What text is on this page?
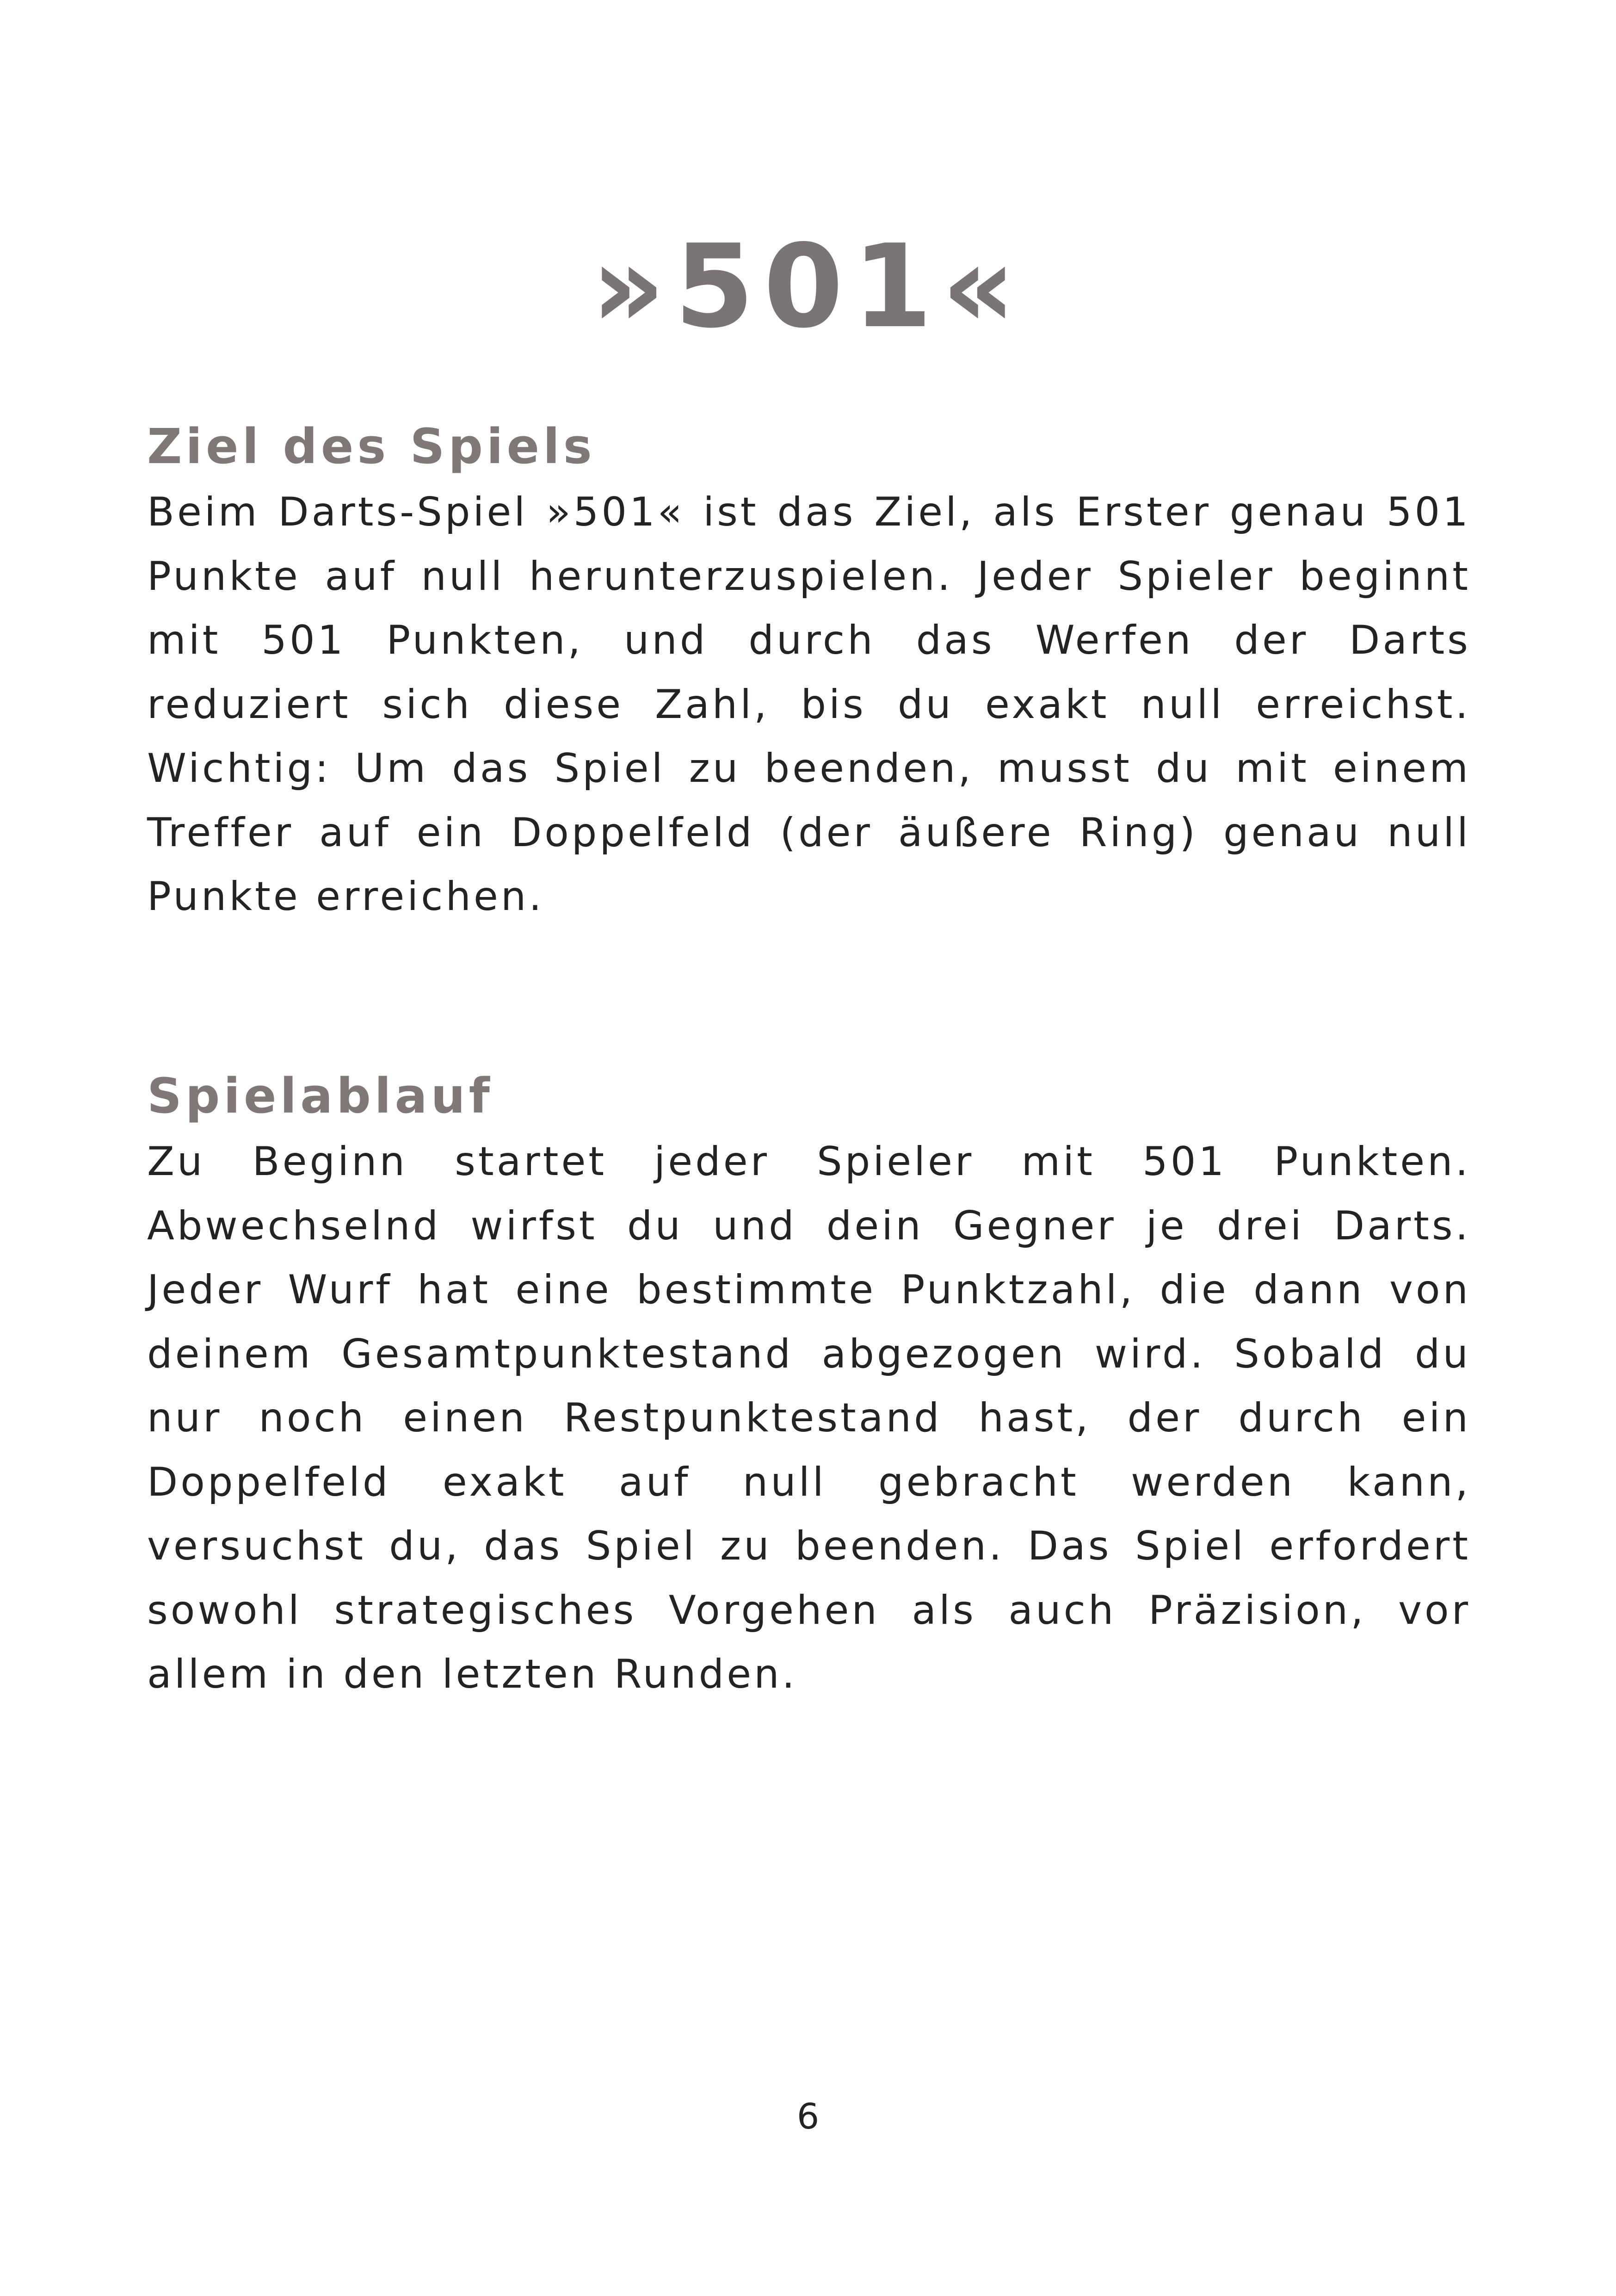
»501«
Ziel des Spiels

Beim Darts-Spiel »501« ist das Ziel, als Erster genau 501 Punkte auf null herunterzuspielen. Jeder Spieler beginnt mit 501 Punkten, und durch das Werfen der Darts reduziert sich diese Zahl, bis du exakt null erreichst. Wichtig: Um das Spiel zu beenden, musst du mit einem Treffer auf ein Doppelfeld (der äußere Ring) genau null Punkte erreichen.

Spielablauf

Zu Beginn startet jeder Spieler mit 501 Punkten. Abwechselnd wirfst du und dein Gegner je drei Darts. Jeder Wurf hat eine bestimmte Punktzahl, die dann von deinem Gesamtpunktestand abgezogen wird. Sobald du nur noch einen Restpunktestand hast, der durch ein Doppelfeld exakt auf null gebracht werden kann, versuchst du, das Spiel zu beenden. Das Spiel erfordert sowohl strategisches Vorgehen als auch Präzision, vor allem in den letzten Runden.

6
